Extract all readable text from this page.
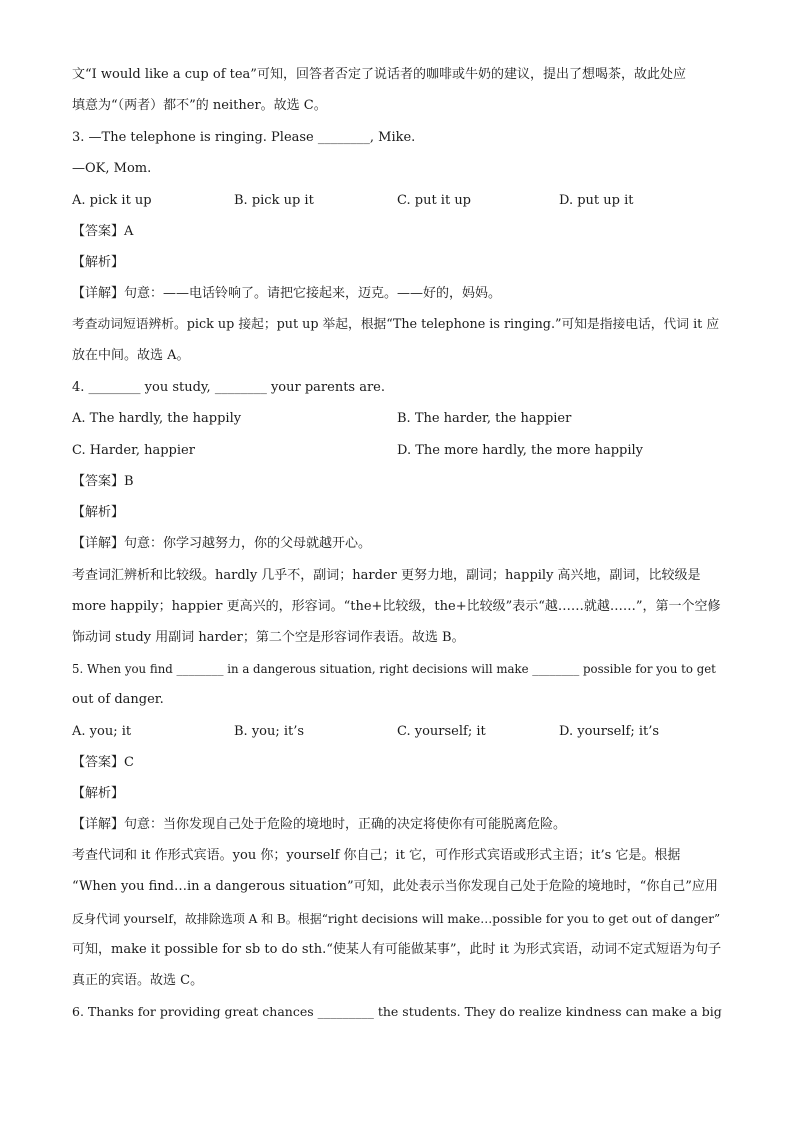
文“I would like a cup of tea”可知，回答者否定了说话者的咖啡或牛奶的建议，提出了想喝茶，故此处应
填意为“（两者）都不”的 neither。故选 C。
3. —The telephone is ringing. Please ________, Mike.
—OK, Mom.
A. pick it up	B. pick up it	C. put it up	D. put up it
【答案】A
【解析】
【详解】句意：——电话铃响了。请把它接起来，迈克。——好的，妈妈。
考查动词短语辨析。pick up 接起；put up 举起，根据“The telephone is ringing.”可知是指接电话，代词 it 应
放在中间。故选 A。
4. ________ you study, ________ your parents are.
A. The hardly, the happily	B. The harder, the happier
C. Harder, happier	D. The more hardly, the more happily
【答案】B
【解析】
【详解】句意：你学习越努力，你的父母就越开心。
考查词汇辨析和比较级。hardly 几乎不，副词；harder 更努力地，副词；happily 高兴地，副词，比较级是
more happily；happier 更高兴的，形容词。“the+比较级，the+比较级”表示“越……就越……”，第一个空修
饰动词 study 用副词 harder；第二个空是形容词作表语。故选 B。
5. When you find ________ in a dangerous situation, right decisions will make ________ possible for you to get
out of danger.
A. you; it	B. you; it’s	C. yourself; it	D. yourself; it’s
【答案】C
【解析】
【详解】句意：当你发现自己处于危险的境地时，正确的决定将使你有可能脱离危险。
考查代词和 it 作形式宾语。you 你；yourself 你自己；it 它，可作形式宾语或形式主语；it’s 它是。根据
“When you find…in a dangerous situation”可知，此处表示当你发现自己处于危险的境地时，“你自己”应用
反身代词 yourself，故排除选项 A 和 B。根据“right decisions will make…possible for you to get out of danger”
可知，make it possible for sb to do sth.“使某人有可能做某事”，此时 it 为形式宾语，动词不定式短语为句子
真正的宾语。故选 C。
6. Thanks for providing great chances _________ the students. They do realize kindness can make a big
